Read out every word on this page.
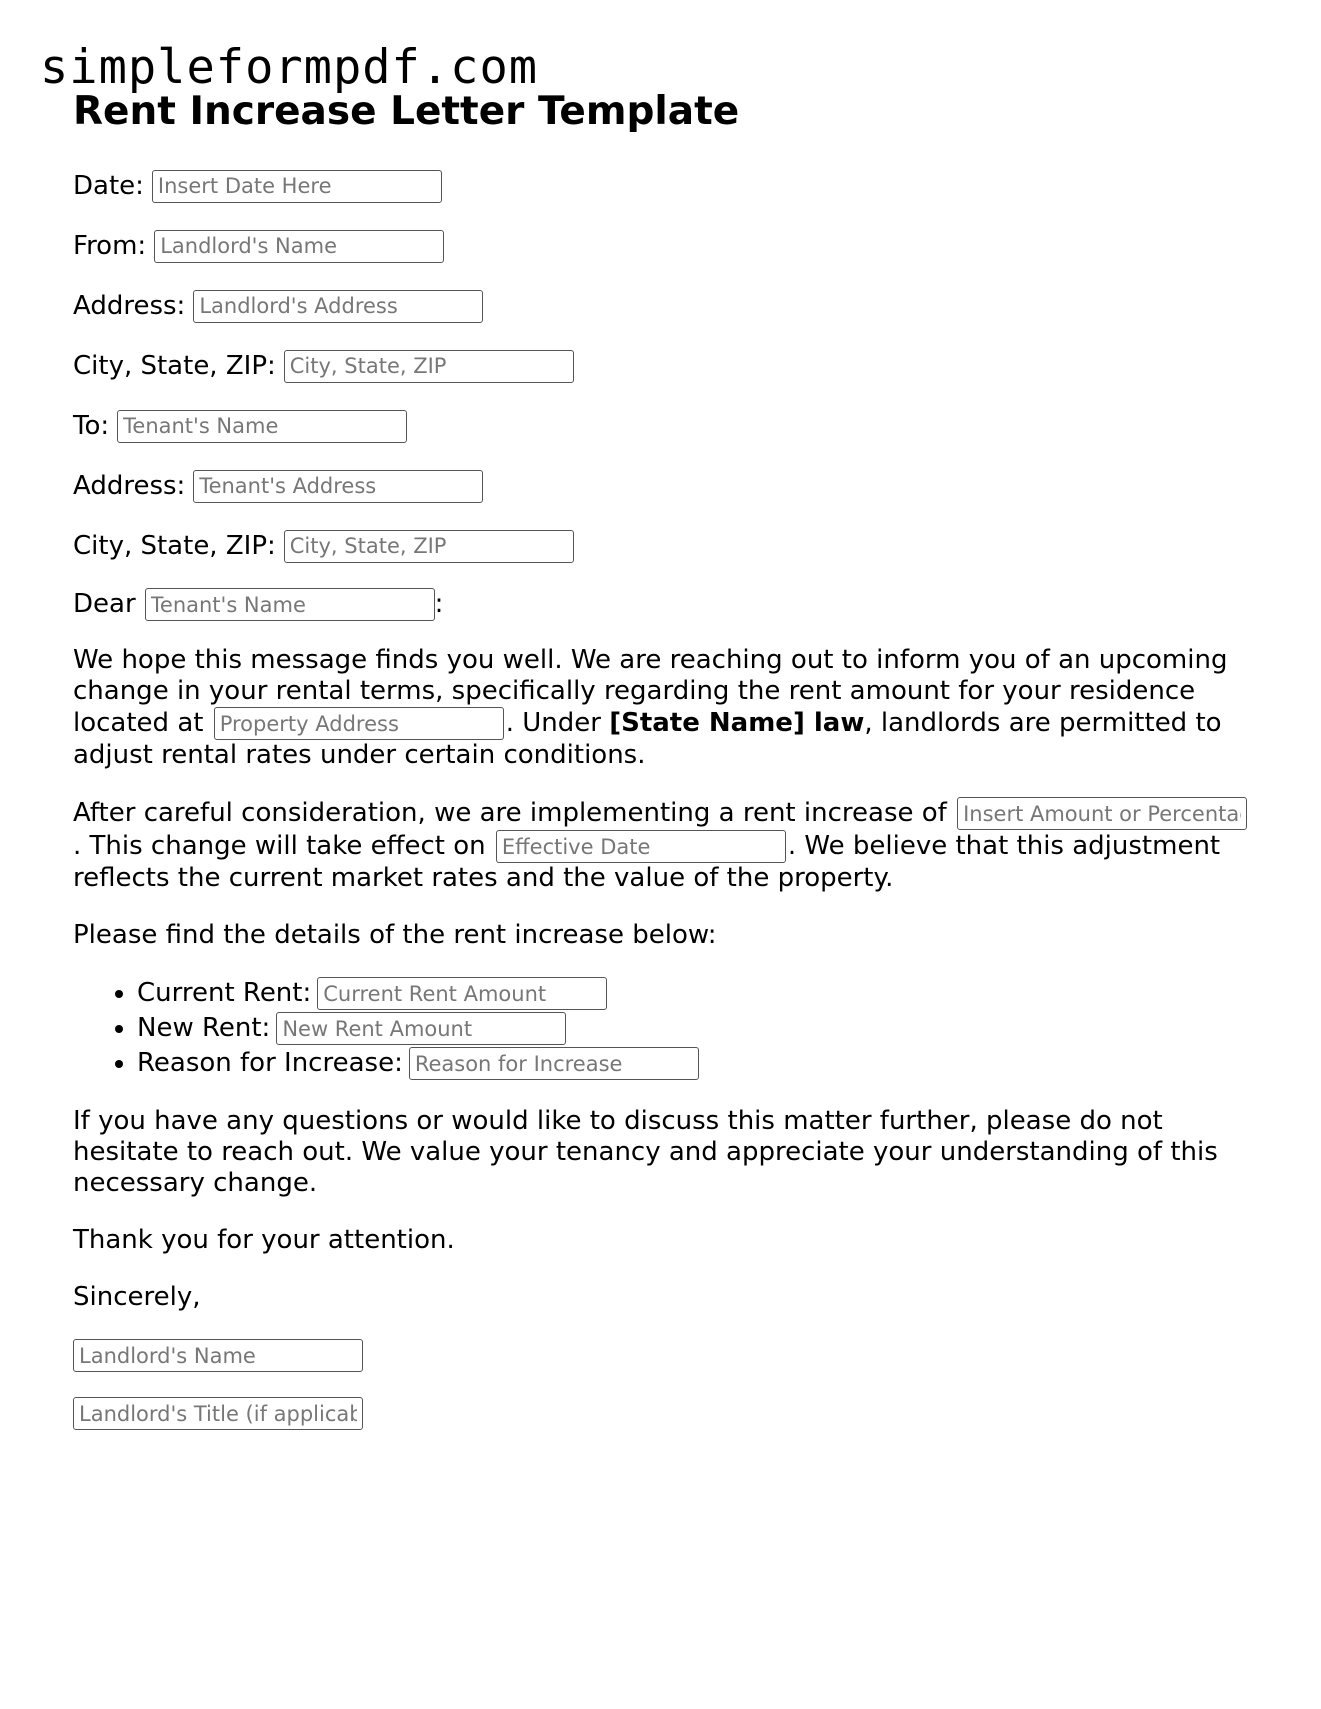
simpleformpdf.com
Rent Increase Letter Template
Date:
Insert Date Here
From:
Landlord's Name
Address:
Landlord's Address
City, State, ZIP:
City, State, ZIP
To:
Tenant's Name
Address:
Tenant's Address
City, State, ZIP:
City, State, ZIP

DearTenant's Name	:

We hope this message finds you well. We are reaching out to inform you of an upcoming change in your rental terms, specifically regarding the rent amount for your residence located at Property Address	. Under [State Name] law, landlords are permitted to adjust rental rates under certain conditions.

After careful consideration, we are implementing a rent increase of Insert Amount or Percentage. This change will take effect on Effective Date	. We believe that this adjustment reflects the current market rates and the value of the property.

Please find the details of the rent increase below:

• Current Rent:Current Rent Amount
• New Rent:New Rent Amount
• Reason for Increase:Reason for Increase

If you have any questions or would like to discuss this matter further, please do not hesitate to reach out. We value your tenancy and appreciate your understanding of this necessary change.

Thank you for your attention.

Sincerely,

Landlord's Name
Landlord's Title (if applicable)
